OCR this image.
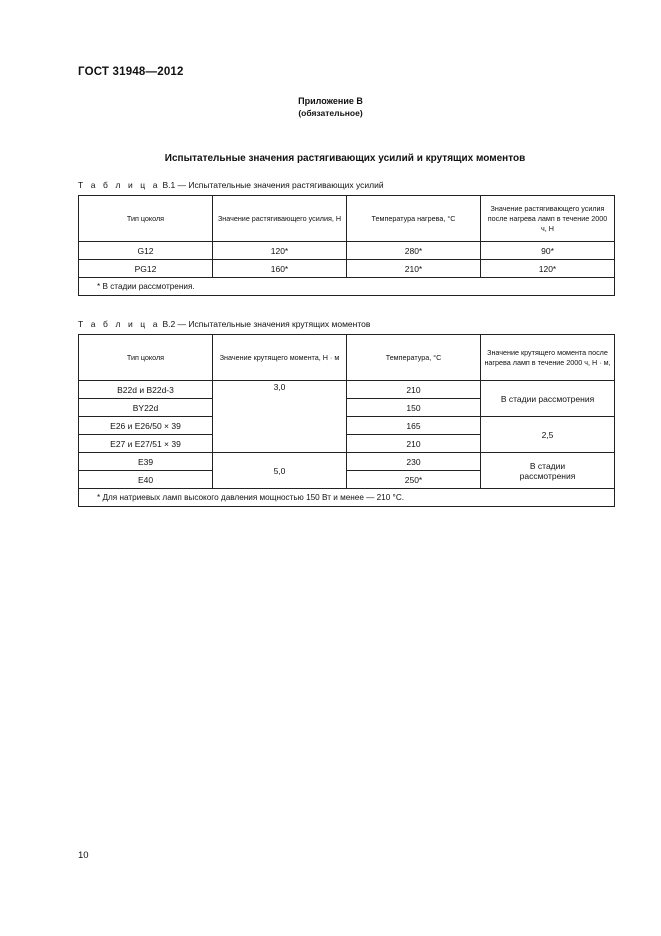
ГОСТ 31948—2012
Приложение В
(обязательное)
Испытательные значения растягивающих усилий и крутящих моментов
Т а б л и ц а В.1 — Испытательные значения растягивающих усилий
Тип цоколя	Значение растягивающего усилия, Н	Температура нагрева, °С	Значение растягивающего усилия после нагрева ламп в течение 2000 ч, Н
G12	120*	280*	90*
PG12	160*	210*	120*
* В стадии рассмотрения.			
Т а б л и ц а В.2 — Испытательные значения крутящих моментов
Тип цоколя	Значение крутящего момента, Н · м	Температура, °С	Значение крутящего момента после нагрева ламп в течение 2000 ч, Н · м,
B22d и B22d-3	3,0	210	В стадии рассмотрения
BY22d		150	
E26 и E26/50 × 39		165	2,5
E27 и E27/51 × 39		210	
E39	5,0	230	В стадии рассмотрения
E40		250*	
* Для натриевых ламп высокого давления мощностью 150 Вт и менее — 210 °С.			
10
